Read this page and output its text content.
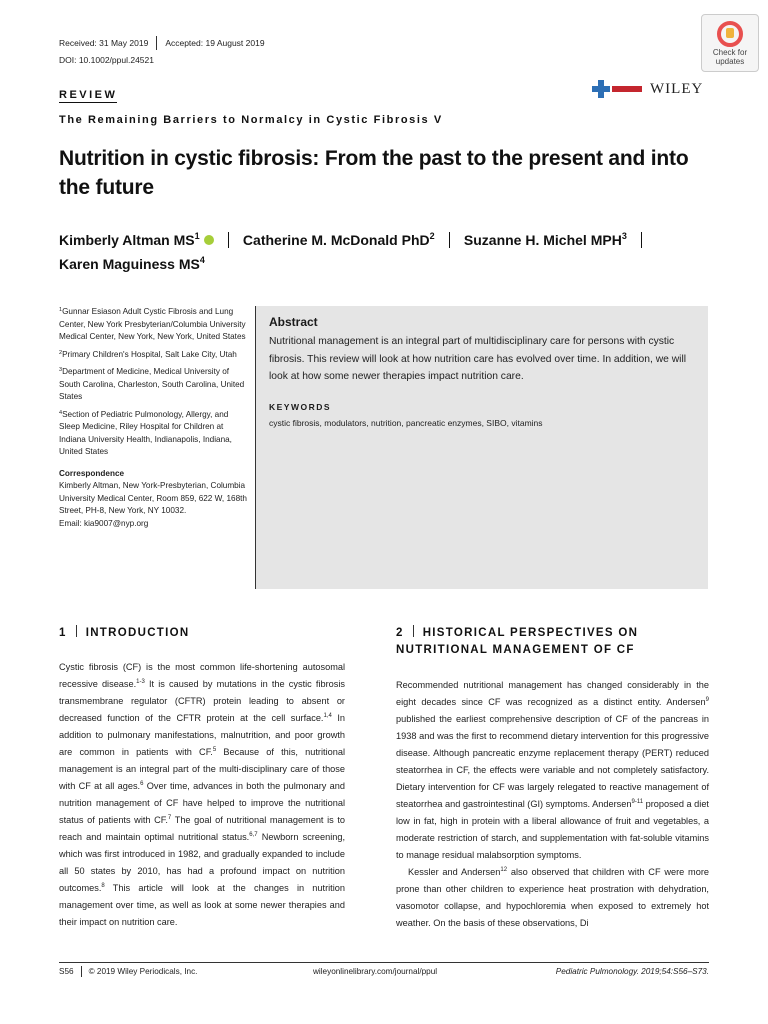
Received: 31 May 2019 Accepted: 19 August 2019
DOI: 10.1002/ppul.24521
Check for
updates
WILEY
REVIEW
The Remaining Barriers to Normalcy in Cystic Fibrosis V
Nutrition in cystic fibrosis: From the past to the present and into the future
Kimberly Altman $MS^1$	Catherine M. McDonald PhD$^2$ Suzanne H. Michel MPH$^3$
Karen Maguiness $MS^4$

$^1$Gunnar Esiason Adult Cystic Fibrosis and Lung Center, New York Presbyterian/Columbia University Medical Center, New York, New York, United States

$^2$Primary Children's Hospital, Salt Lake City, Utah

$^3$Department of Medicine, Medical University of South Carolina, Charleston, South Carolina, United States

$^4$Section of Pediatric Pulmonology, Allergy, and Sleep Medicine, Riley Hospital for Children at Indiana University Health, Indianapolis, Indiana, United States

Correspondence

Kimberly Altman, New York-Presbyterian, Columbia University Medical Center, Room 859, 622 W, 168th Street, PH-8, New York, NY 10032.

Email: kia9007@nyp.org

Abstract
Nutritional management is an integral part of multidisciplinary care for persons with cystic fibrosis. This review will look at how nutrition care has evolved over time. In addition, we will look at how some newer therapies impact nutrition care.
KEYWORDS
cystic fibrosis, modulators, nutrition, pancreatic enzymes, SIBO, vitamins
1 INTRODUCTION
Cystic fibrosis (CF) is the most common life-shortening autosomal recessive disease.$^{1-3}$ It is caused by mutations in the cystic fibrosis transmembrane regulator (CFTR) protein leading to absent or decreased function of the CFTR protein at the cell surface.$^{1,4}$ In addition to pulmonary manifestations, malnutrition, and poor growth are common in patients with CF.$^5$ Because of this, nutritional management is an integral part of the multi-disciplinary care of those with CF at all ages.$^6$ Over time, advances in both the pulmonary and nutrition management of CF have helped to improve the nutritional status of patients with CF.$^7$ The goal of nutritional management is to reach and maintain optimal nutritional status.$^{6,7}$ Newborn screening, which was first introduced in 1982, and gradually expanded to include all 50 states by 2010, has had a profound impact on nutrition outcomes.$^8$ This article will look at the changes in nutrition management over time, as well as look at some newer therapies and their impact on nutrition care.
2 HISTORICAL PERSPECTIVES ON NUTRITIONAL MANAGEMENT OF CF

Recommended nutritional management has changed considerably in the eight decades since CF was recognized as a distinct entity. Andersen$^9$ published the earliest comprehensive description of CF of the pancreas in 1938 and was the first to recommend dietary intervention for this progressive disease. Although pancreatic enzyme replacement therapy (PERT) reduced steatorrhea in CF, the effects were variable and not completely satisfactory. Dietary intervention for CF was largely relegated to reactive management of steatorrhea and gastrointestinal (GI) symptoms. Andersen$^{9-11}$ proposed a diet low in fat, high in protein with a liberal allowance of fruit and vegetables, a moderate restriction of starch, and supplementation with fat-soluble vitamins to manage residual malabsorption symptoms.

Kessler and Andersen$^{12}$ also observed that children with CF were more prone than other children to experience heat prostration with dehydration, vasomotor collapse, and hypochloremia when exposed to extremely hot weather. On the basis of these observations, Di

S56 © 2019 Wiley Periodicals, Inc.	wileyonlinelibrary.com/journal/ppul	Pediatric Pulmonology. 2019;54:S56–S73.
